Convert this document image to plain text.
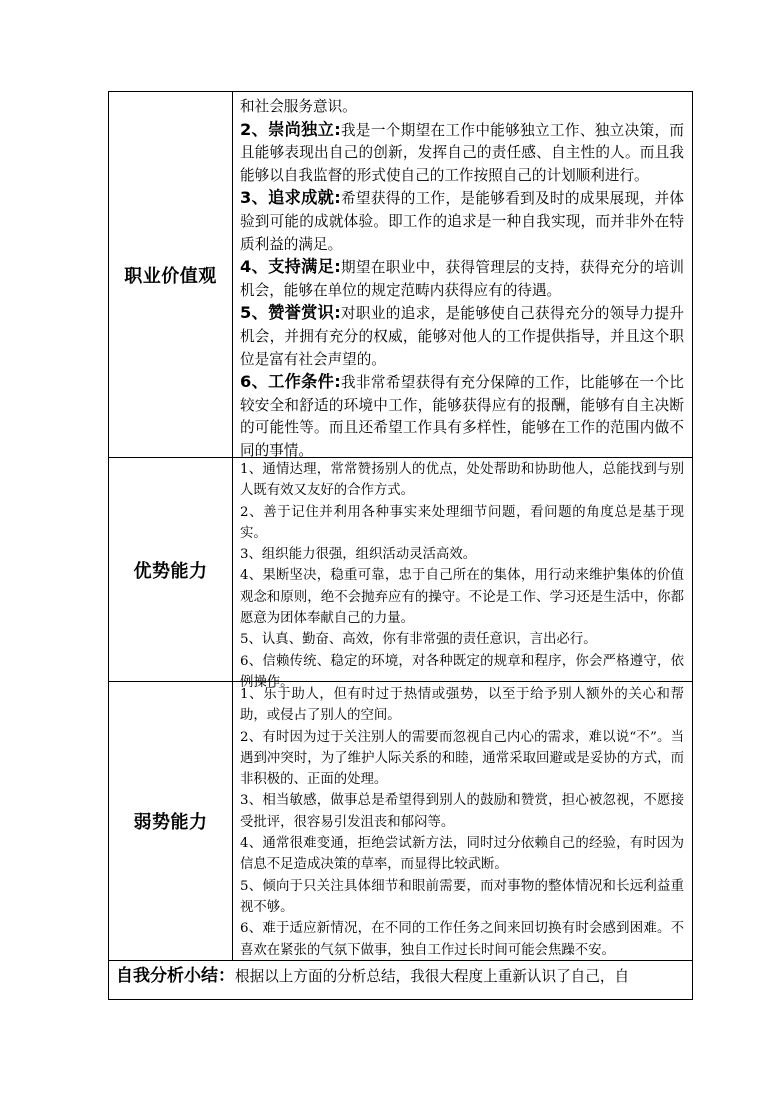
职业价值观

和社会服务意识。

2、崇尚独立:我是一个期望在工作中能够独立工作、独立决策，而且能够表现出自己的创新，发挥自己的责任感、自主性的人。而且我能够以自我监督的形式使自己的工作按照自己的计划顺利进行。

3、追求成就:希望获得的工作，是能够看到及时的成果展现，并体验到可能的成就体验。即工作的追求是一种自我实现，而并非外在特质利益的满足。

4、支持满足:期望在职业中，获得管理层的支持，获得充分的培训机会，能够在单位的规定范畴内获得应有的待遇。

5、赞誉赏识:对职业的追求，是能够使自己获得充分的领导力提升机会，并拥有充分的权威，能够对他人的工作提供指导，并且这个职位是富有社会声望的。

6、工作条件:我非常希望获得有充分保障的工作，比能够在一个比较安全和舒适的环境中工作，能够获得应有的报酬，能够有自主决断的可能性等。而且还希望工作具有多样性，能够在工作的范围内做不同的事情。

优势能力

1、通情达理，常常赞扬别人的优点，处处帮助和协助他人，总能找到与别人既有效又友好的合作方式。

2、善于记住并利用各种事实来处理细节问题，看问题的角度总是基于现实。

3、组织能力很强，组织活动灵活高效。

4、果断坚决，稳重可靠，忠于自己所在的集体，用行动来维护集体的价值观念和原则，绝不会抛弃应有的操守。不论是工作、学习还是生活中，你都愿意为团体奉献自己的力量。

5、认真、勤奋、高效，你有非常强的责任意识，言出必行。

6、信赖传统、稳定的环境，对各种既定的规章和程序，你会严格遵守，依例操作。

弱势能力

1、乐于助人，但有时过于热情或强势，以至于给予别人额外的关心和帮助，或侵占了别人的空间。

2、有时因为过于关注别人的需要而忽视自己内心的需求，难以说“不”。当遇到冲突时，为了维护人际关系的和睦，通常采取回避或是妥协的方式，而非积极的、正面的处理。

3、相当敏感，做事总是希望得到别人的鼓励和赞赏，担心被忽视，不愿接受批评，很容易引发沮丧和郁闷等。

4、通常很难变通，拒绝尝试新方法，同时过分依赖自己的经验，有时因为信息不足造成决策的草率，而显得比较武断。

5、倾向于只关注具体细节和眼前需要，而对事物的整体情况和长远利益重视不够。

6、难于适应新情况，在不同的工作任务之间来回切换有时会感到困难。不喜欢在紧张的气氛下做事，独自工作过长时间可能会焦躁不安。

自我分析小结：根据以上方面的分析总结，我很大程度上重新认识了自己，自
